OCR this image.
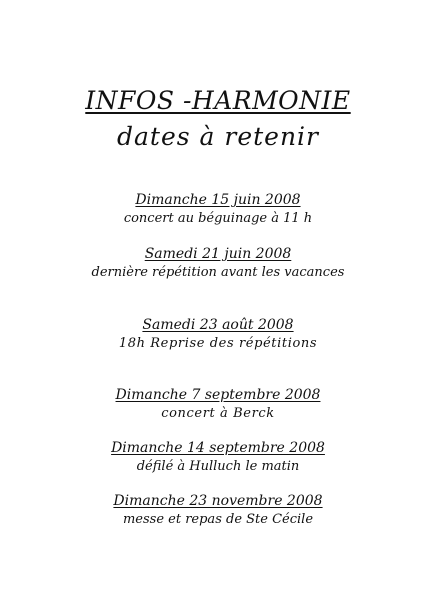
INFOS -HARMONIE
dates à retenir
Dimanche 15 juin 2008
concert au béguinage à 11 h
Samedi 21 juin 2008
dernière répétition avant les vacances
Samedi 23 août 2008
18h Reprise des répétitions
Dimanche 7 septembre 2008
concert à Berck
Dimanche 14 septembre 2008
défilé à Hulluch le matin
Dimanche 23 novembre 2008
messe et repas de Ste Cécile
